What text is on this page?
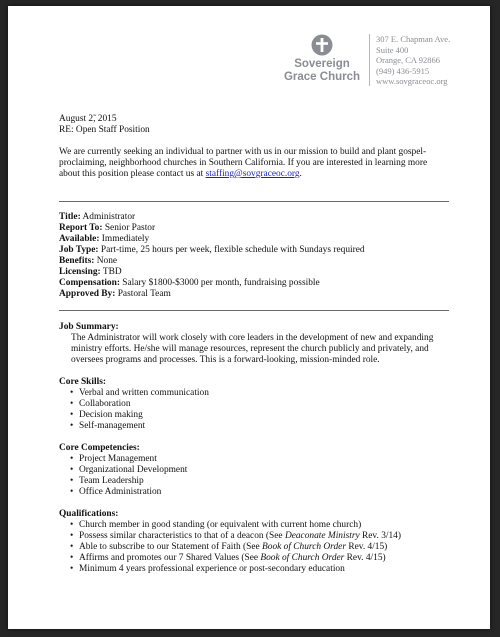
Sovereign
Grace Church
307 E. Chapman Ave.
Suite 400
Orange, CA 92866
(949) 436-5915
www.sovgraceoc.org
August 2̃, 2015
RE: Open Staff Position
We are currently seeking an individual to partner with us in our mission to build and plant gospel-proclaiming, neighborhood churches in Southern California. If you are interested in learning more about this position please contact us at staffing@sovgraceoc.org.
Title: Administrator
Report To: Senior Pastor
Available: Immediately
Job Type: Part-time, 25 hours per week, flexible schedule with Sundays required
Benefits: None
Licensing: TBD
Compensation: Salary $1800-$3000 per month, fundraising possible
Approved By: Pastoral Team
Job Summary:
The Administrator will work closely with core leaders in the development of new and expanding ministry efforts. He/she will manage resources, represent the church publicly and privately, and oversees programs and processes. This is a forward-looking, mission-minded role.
Core Skills:
• Verbal and written communication
• Collaboration
• Decision making
• Self-management
Core Competencies:
• Project Management
• Organizational Development
• Team Leadership
• Office Administration
Qualifications:
• Church member in good standing (or equivalent with current home church)
• Possess similar characteristics to that of a deacon (See Deaconate Ministry Rev. 3/14)
• Able to subscribe to our Statement of Faith (See Book of Church Order Rev. 4/15)
• Affirms and promotes our 7 Shared Values (See Book of Church Order Rev. 4/15)
• Minimum 4 years professional experience or post-secondary education
